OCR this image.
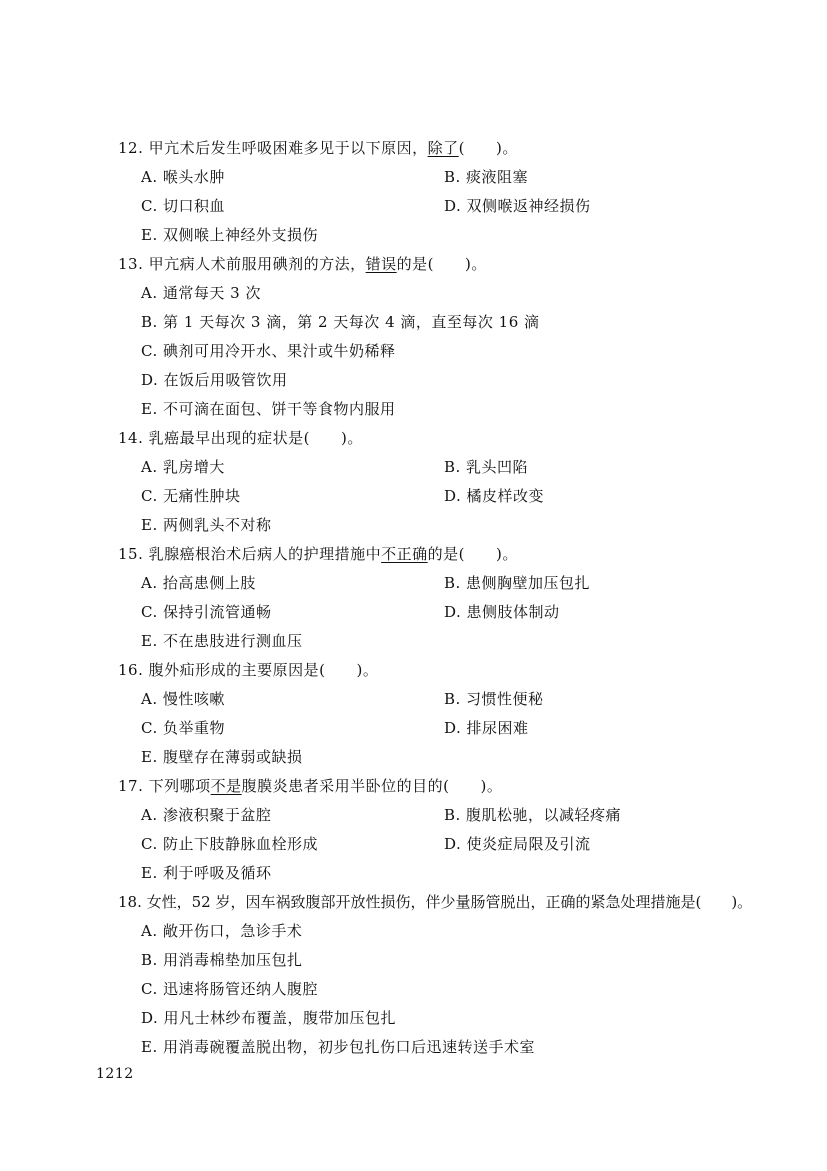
12. 甲亢术后发生呼吸困难多见于以下原因，除了(　　)。
A. 喉头水肿	B. 痰液阻塞
C. 切口积血	D. 双侧喉返神经损伤
E. 双侧喉上神经外支损伤
13. 甲亢病人术前服用碘剂的方法，错误的是(　　)。
A. 通常每天 3 次
B. 第 1 天每次 3 滴，第 2 天每次 4 滴，直至每次 16 滴
C. 碘剂可用冷开水、果汁或牛奶稀释
D. 在饭后用吸管饮用
E. 不可滴在面包、饼干等食物内服用
14. 乳癌最早出现的症状是(　　)。
A. 乳房增大	B. 乳头凹陷
C. 无痛性肿块	D. 橘皮样改变
E. 两侧乳头不对称
15. 乳腺癌根治术后病人的护理措施中不正确的是(　　)。
A. 抬高患侧上肢	B. 患侧胸壁加压包扎
C. 保持引流管通畅	D. 患侧肢体制动
E. 不在患肢进行测血压
16. 腹外疝形成的主要原因是(　　)。
A. 慢性咳嗽	B. 习惯性便秘
C. 负举重物	D. 排尿困难
E. 腹壁存在薄弱或缺损
17. 下列哪项不是腹膜炎患者采用半卧位的目的(　　)。
A. 渗液积聚于盆腔	B. 腹肌松驰，以减轻疼痛
C. 防止下肢静脉血栓形成	D. 使炎症局限及引流
E. 利于呼吸及循环
18. 女性，52 岁，因车祸致腹部开放性损伤，伴少量肠管脱出，正确的紧急处理措施是(　　)。
A. 敞开伤口，急诊手术
B. 用消毒棉垫加压包扎
C. 迅速将肠管还纳人腹腔
D. 用凡士林纱布覆盖，腹带加压包扎
E. 用消毒碗覆盖脱出物，初步包扎伤口后迅速转送手术室
1212
